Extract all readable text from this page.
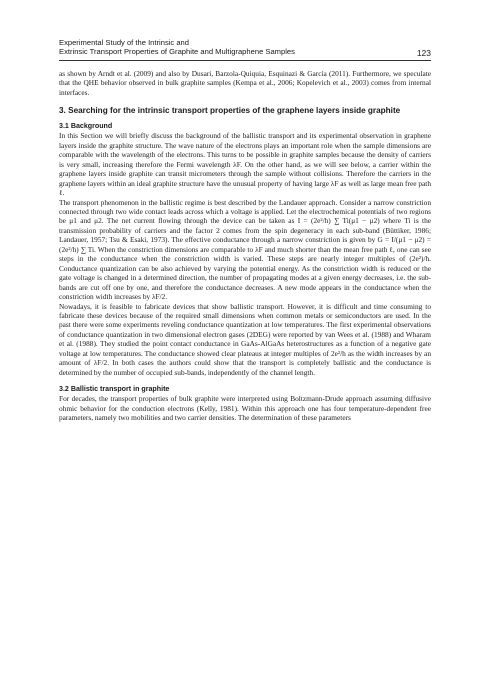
Experimental Study of the Intrinsic and
Extrinsic Transport Properties of Graphite and Multigraphene Samples	123

as shown by Arndt et al. (2009) and also by Dusari, Barzola-Quiquia, Esquinazi & García (2011). Furthermore, we speculate that the QHE behavior observed in bulk graphite samples (Kempa et al., 2006; Kopelevich et al., 2003) comes from internal interfaces.

3. Searching for the intrinsic transport properties of the graphene layers inside graphite
3.1 Background

In this Section we will briefly discuss the background of the ballistic transport and its experimental observation in graphene layers inside the graphite structure. The wave nature of the electrons plays an important role when the sample dimensions are comparable with the wavelength of the electrons. This turns to be possible in graphite samples because the density of carriers is very small, increasing therefore the Fermi wavelength λF. On the other hand, as we will see below, a carrier within the graphene layers inside graphite can transit micrometers through the sample without collisions. Therefore the carriers in the graphene layers within an ideal graphite structure have the unusual property of having large λF as well as large mean free path ℓ.

The transport phenomenon in the ballistic regime is best described by the Landauer approach. Consider a narrow constriction connected through two wide contact leads across which a voltage is applied. Let the electrochemical potentials of two regions be μ1 and μ2. The net current flowing through the device can be taken as I = (2e²/h) ∑ Ti(μ1 − μ2) where Ti is the transmission probability of carriers and the factor 2 comes from the spin degeneracy in each sub-band (Büttiker, 1986; Landauer, 1957; Tsu & Esaki, 1973). The effective conductance through a narrow constriction is given by G = I/(μ1 − μ2) = (2e²/h) ∑ Ti. When the constriction dimensions are comparable to λF and much shorter than the mean free path ℓ, one can see steps in the conductance when the constriction width is varied. These steps are nearly integer multiples of (2e²)/h. Conductance quantization can be also achieved by varying the potential energy. As the constriction width is reduced or the gate voltage is changed in a determined direction, the number of propagating modes at a given energy decreases, i.e. the sub-bands are cut off one by one, and therefore the conductance decreases. A new mode appears in the conductance when the constriction width increases by λF/2.

Nowadays, it is feasible to fabricate devices that show ballistic transport. However, it is difficult and time consuming to fabricate these devices because of the required small dimensions when common metals or semiconductors are used. In the past there were some experiments reveling conductance quantization at low temperatures. The first experimental observations of conductance quantization in two dimensional electron gases (2DEG) were reported by van Wees et al. (1988) and Wharam et al. (1988). They studied the point contact conductance in GaAs-AlGaAs heterostructures as a function of a negative gate voltage at low temperatures. The conductance showed clear plateaus at integer multiples of 2e²/h as the width increases by an amount of λF/2. In both cases the authors could show that the transport is completely ballistic and the conductance is determined by the number of occupied sub-bands, independently of the channel length.

3.2 Ballistic transport in graphite

For decades, the transport properties of bulk graphite were interpreted using Boltzmann-Drude approach assuming diffusive ohmic behavior for the conduction electrons (Kelly, 1981). Within this approach one has four temperature-dependent free parameters, namely two mobilities and two carrier densities. The determination of these parameters
